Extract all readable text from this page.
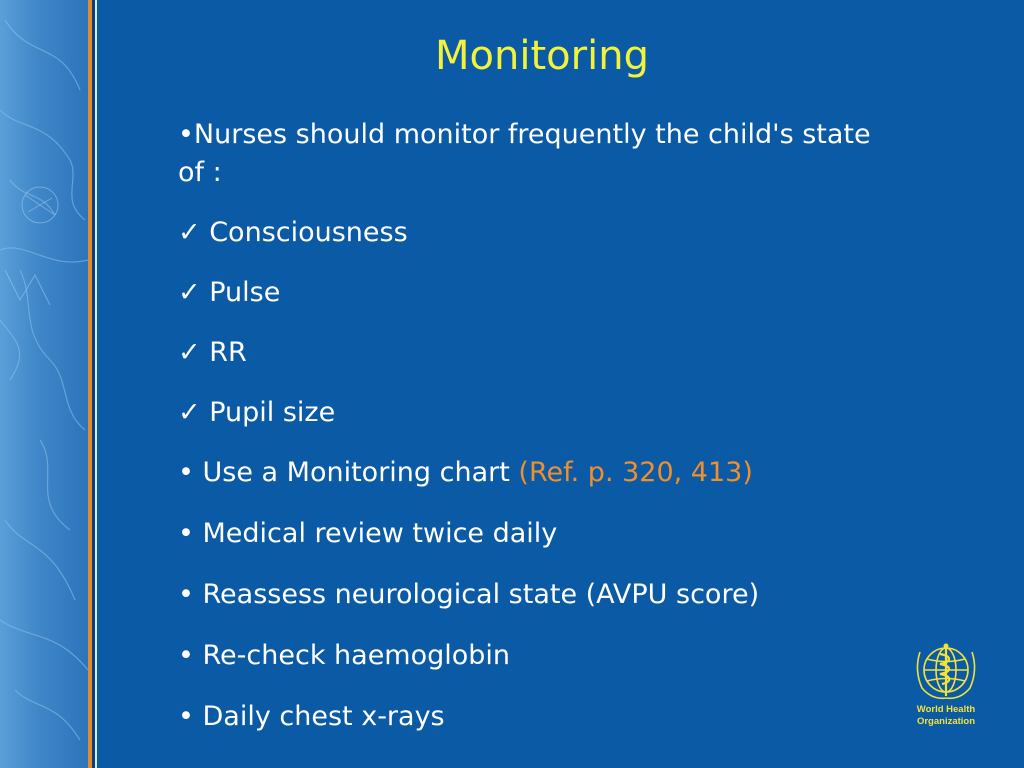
Monitoring
•Nurses should monitor frequently the child's state of :
✓ Consciousness
✓ Pulse
✓ RR
✓ Pupil size
• Use a Monitoring chart (Ref. p. 320, 413)
• Medical review twice daily
• Reassess neurological state (AVPU score)
• Re-check haemoglobin
• Daily chest x-rays	World Health
Organization
